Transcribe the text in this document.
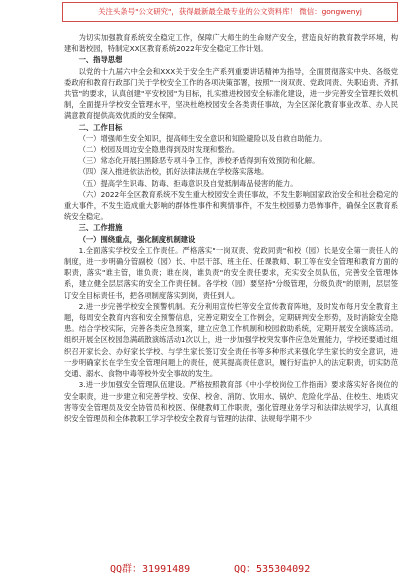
关注头条号"公文研究"，获得最新最全最专业的公文资料库！ 微信：gongwenyj

为切实加强教育系统安全稳定工作，保障广大师生的生命财产安全，营造良好的教育教学环境，构建和谐校园，特制定XX区教育系统2022年安全稳定工作计划。

一、指导思想

以党的十九届六中全会和XXX关于安全生产系列重要讲话精神为指导，全面贯彻落实中央、各级党委政府和教育行政部门关于学校安全工作的各项决策部署，按照"一岗双责、党政同责、失职追责、齐抓共管"的要求，认真创建"平安校园"为目标，扎实推进校园安全标准化建设，进一步完善安全管理长效机制，全面提升学校安全管理水平，坚决杜绝校园安全各类责任事故，为全区深化教育事业改革、办人民满意教育提供高效优质的安全保障。

二、工作目标

（一）增强师生安全知识，提高师生安全意识和知险避险以及自救自助能力。

（二）校园及周边安全隐患得到及时发现和整治。

（三）常态化开展扫黑除恶专项斗争工作，涉校矛盾得到有效预防和化解。

（四）深入推进依法治校，抓好法律法规在学校落实落地。

（五）提高学生识毒、防毒、拒毒意识及自觉抵制毒品侵害的能力。

（六）2022年全区教育系统不发生重大校园安全责任事故，不发生影响国家政治安全和社会稳定的重大事件，不发生造成重大影响的群体性事件和舆情事件，不发生校园暴力恐怖事件，确保全区教育系统安全稳定。

三、工作措施
（一）围绕重点，强化制度机制建设

1.全面落实学校安全工作责任。严格落实"一岗双责、党政同责"和校（园）长是安全第一责任人的制度，进一步明确分管副校（园）长、中层干部、班主任、任课教师、职工等在安全管理和教育方面的职责，落实"谁主管，谁负责；谁在岗，谁负责"的安全责任要求，充实安全员队伍，完善安全管理体系，建立健全层层落实的安全工作责任制。各学校（园）要坚持"分级管理，分级负责"的原则，层层签订安全目标责任书，把各项制度落实到岗，责任到人。

2.进一步完善学校安全预警机制。充分利用宣传栏等安全宣传教育阵地，及时发布每月安全教育主题，每周安全教育内容和安全预警信息，完善定期安全工作例会，定期研判安全形势，及时消除安全隐患。结合学校实际，完善各类应急预案，建立应急工作机制和校园救助系统，定期开展安全演练活动。组织开展全区校园急满疏散演练活动1次以上，进一步加强学校突发事件应急处置能力，学校还要通过组织召开家长会、办好家长学校、与学生家长签订安全责任书等多种形式来强化学生家长的安全意识，进一步明确家长在学生安全管理问题上的责任，使其提高责任意识，履行好监护人的法定职责，切实防范交通、溺水、食物中毒等校外安全事故的发生。

3.进一步加强安全管理队伍建设。严格按照教育部《中小学校岗位工作指南》要求落实好各岗位的安全职责，进一步建立和完善学校、安保、校舍、消防、饮用水、锅炉、危险化学品、住校生、地质灾害等安全管理员及安全协管员和校医、保健教师工作职责，强化管理业务学习和法律法规学习，认真组织安全管理员和全体教职工学习学校安全教育与管理的法律、法规每学期不少

QQ群：31991489	QQ：535304092
